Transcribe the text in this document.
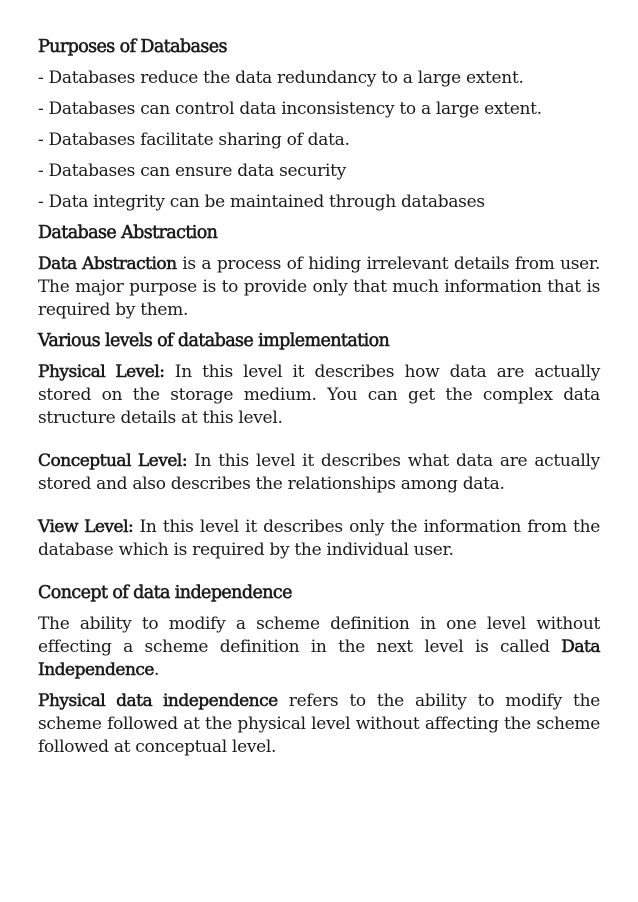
Purposes of Databases

- Databases reduce the data redundancy to a large extent.

- Databases can control data inconsistency to a large extent.

- Databases facilitate sharing of data.

- Databases can ensure data security

- Data integrity can be maintained through databases

Database Abstraction

Data Abstraction is a process of hiding irrelevant details from user. The major purpose is to provide only that much information that is required by them.

Various levels of database implementation

Physical Level: In this level it describes how data are actually stored on the storage medium. You can get the complex data structure details at this level.

Conceptual Level: In this level it describes what data are actually stored and also describes the relationships among data.

View Level: In this level it describes only the information from the database which is required by the individual user.

Concept of data independence

The ability to modify a scheme definition in one level without effecting a scheme definition in the next level is called Data Independence.

Physical data independence refers to the ability to modify the scheme followed at the physical level without affecting the scheme followed at conceptual level.
